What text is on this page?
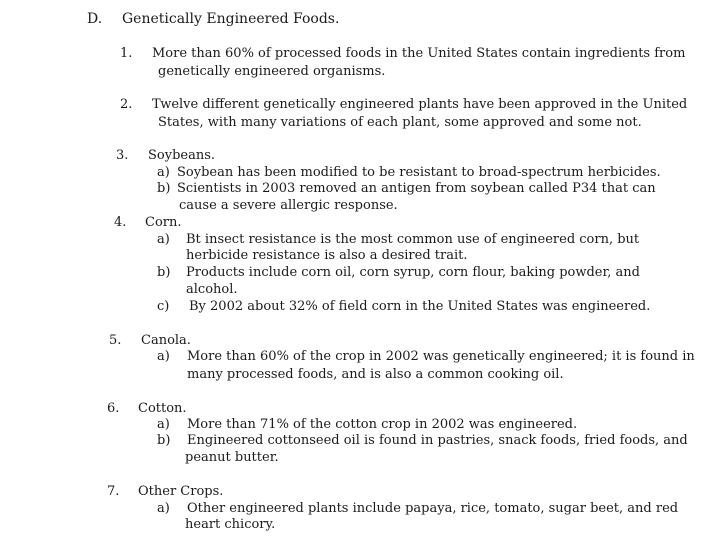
D. Genetically Engineered Foods.
1. More than 60% of processed foods in the United States contain ingredients from
genetically engineered organisms.
2. Twelve different genetically engineered plants have been approved in the United
States, with many variations of each plant, some approved and some not.
3. Soybeans.
a) Soybean has been modified to be resistant to broad-spectrum herbicides.
b) Scientists in 2003 removed an antigen from soybean called P34 that can
cause a severe allergic response.
4. Corn.
a) Bt insect resistance is the most common use of engineered corn, but
herbicide resistance is also a desired trait.
b) Products include corn oil, corn syrup, corn flour, baking powder, and
alcohol.
c) By 2002 about 32% of field corn in the United States was engineered.
5. Canola.
a) More than 60% of the crop in 2002 was genetically engineered; it is found in
many processed foods, and is also a common cooking oil.
6. Cotton.
a) More than 71% of the cotton crop in 2002 was engineered.
b) Engineered cottonseed oil is found in pastries, snack foods, fried foods, and
peanut butter.
7. Other Crops.
a) Other engineered plants include papaya, rice, tomato, sugar beet, and red
heart chicory.
